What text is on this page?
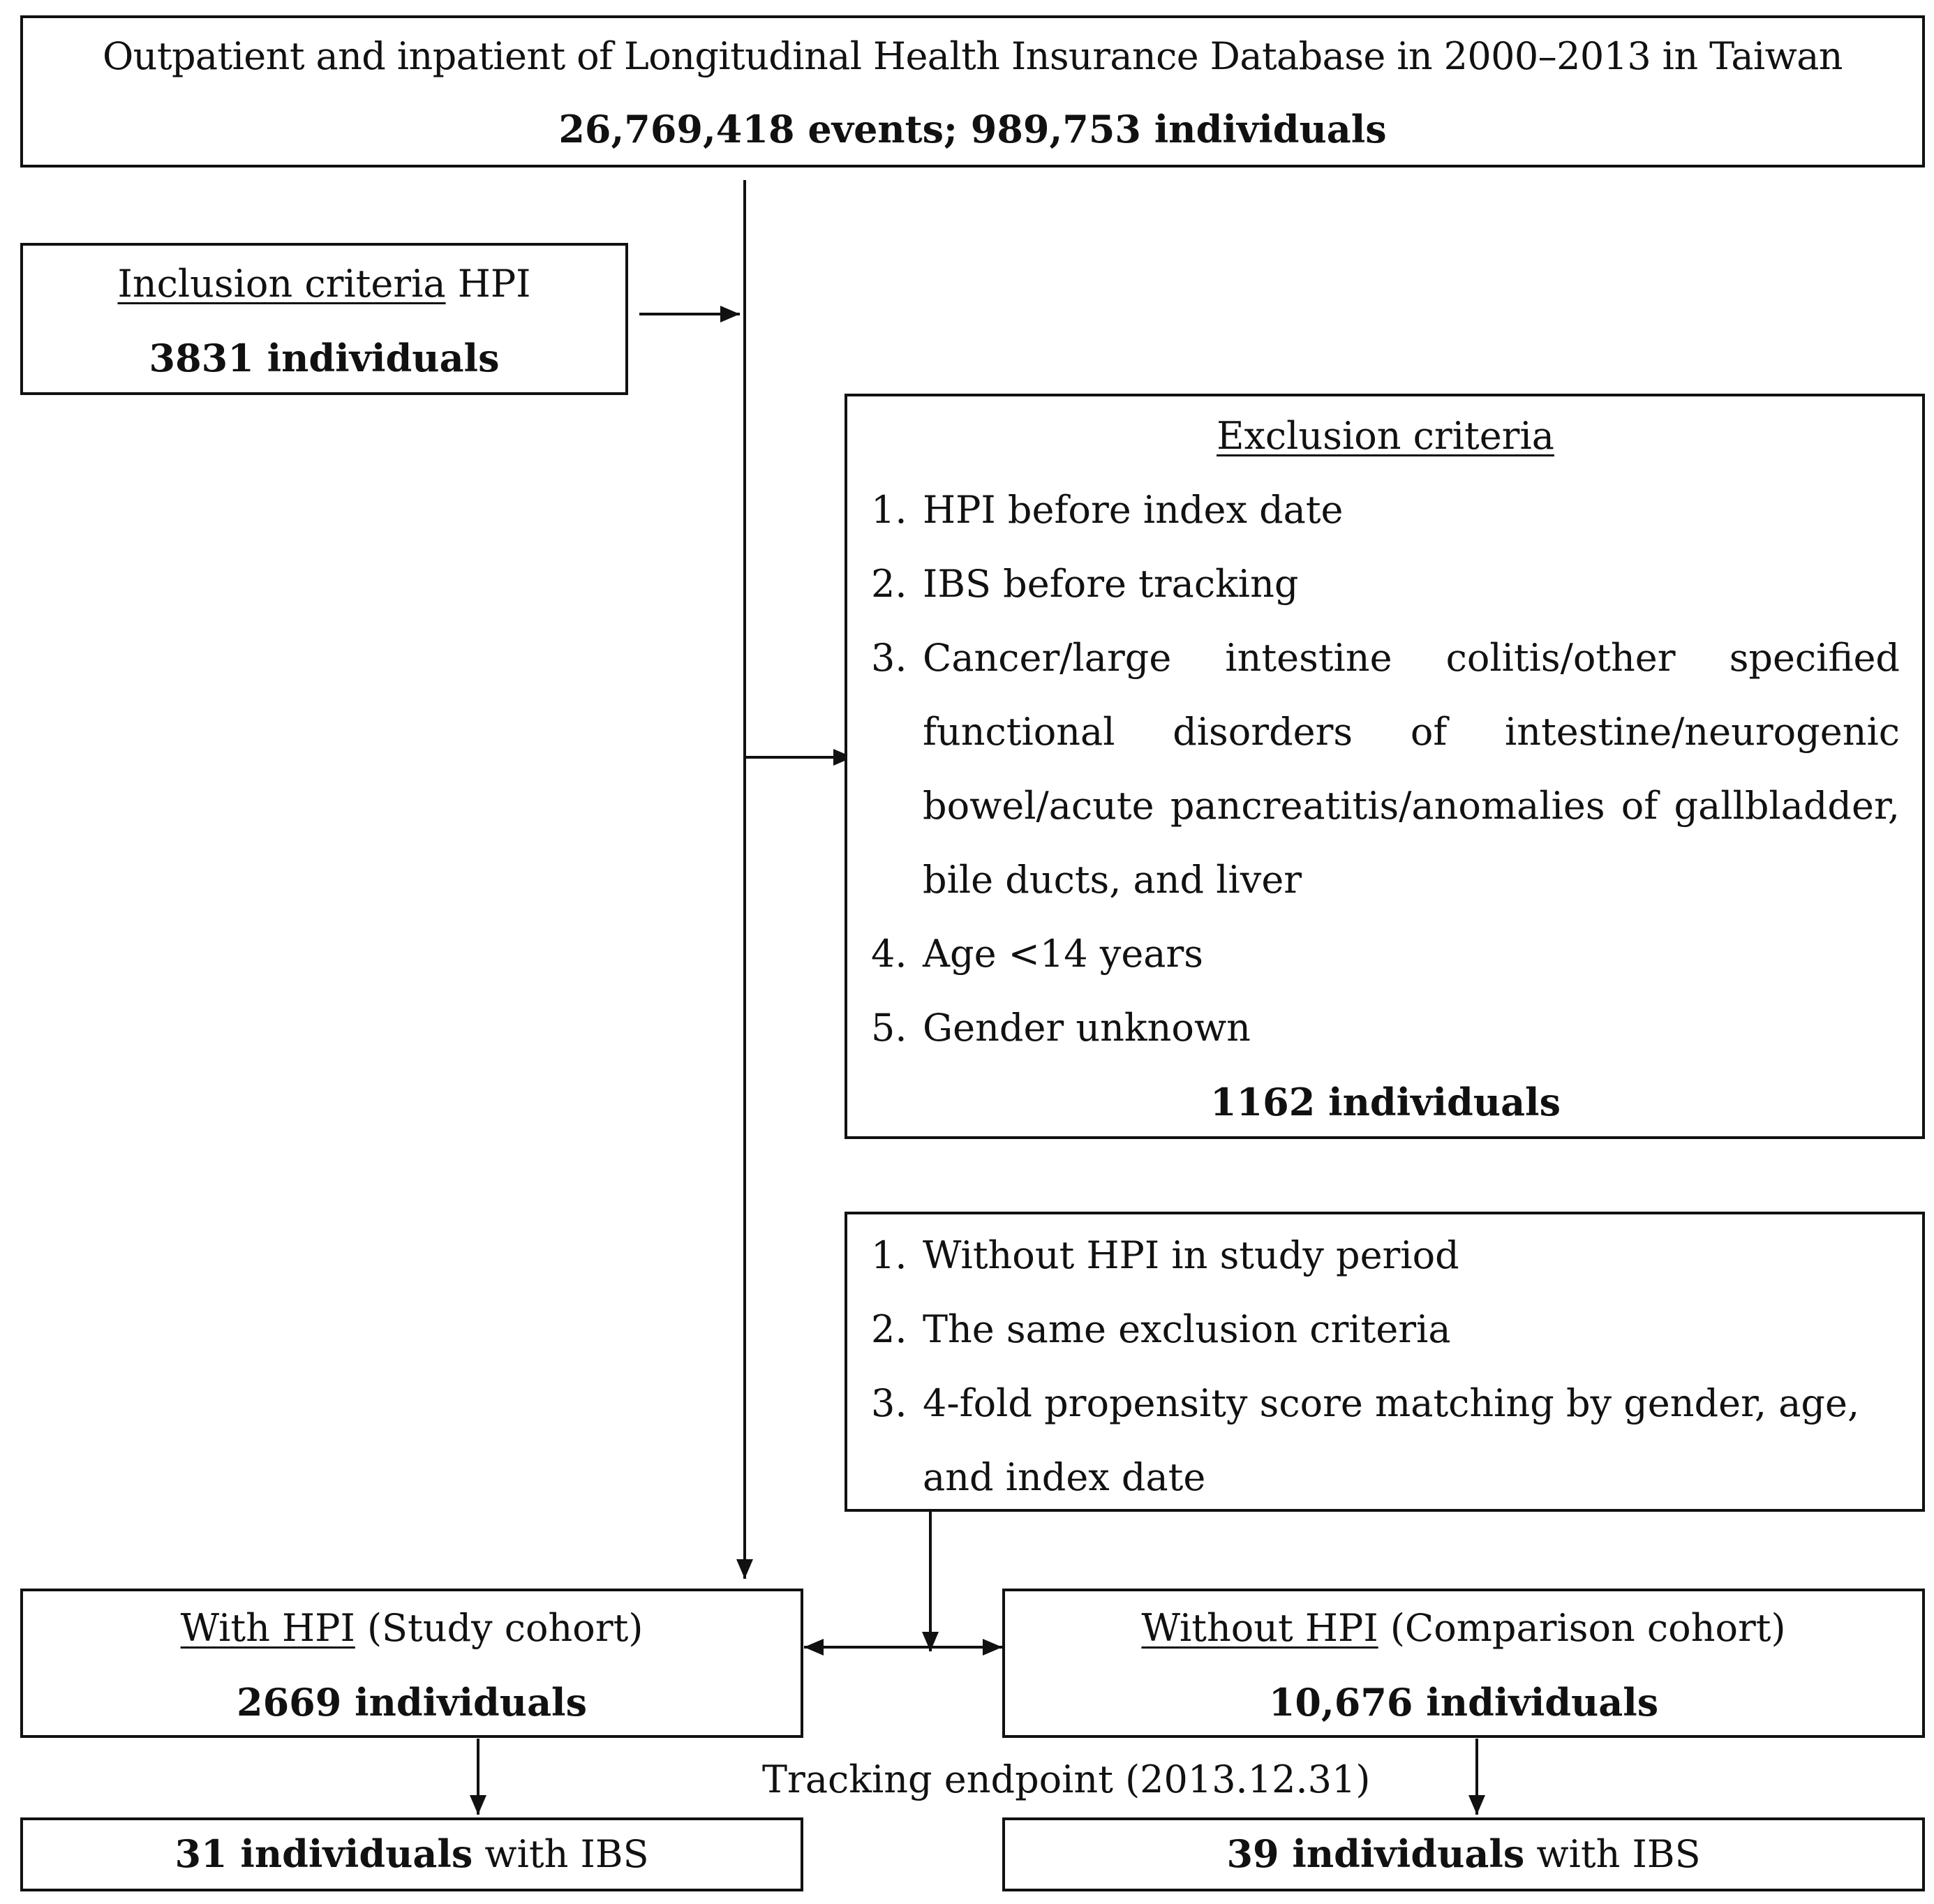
Outpatient and inpatient of Longitudinal Health Insurance Database in 2000–2013 in Taiwan
26,769,418 events; 989,753 individuals
Inclusion criteria HPI
3831 individuals
Exclusion criteria
1. HPI before index date
2. IBS before tracking
3. Cancer/large intestine colitis/other specified functional disorders of intestine/neurogenic bowel/acute pancreatitis/anomalies of gallbladder, bile ducts, and liver
4. Age <14 years
5. Gender unknown
1162 individuals
1. Without HPI in study period
2. The same exclusion criteria
3. 4-fold propensity score matching by gender, age, and index date
With HPI (Study cohort)
2669 individuals
Without HPI (Comparison cohort)
10,676 individuals
Tracking endpoint (2013.12.31)
31 individuals with IBS	39 individuals with IBS
